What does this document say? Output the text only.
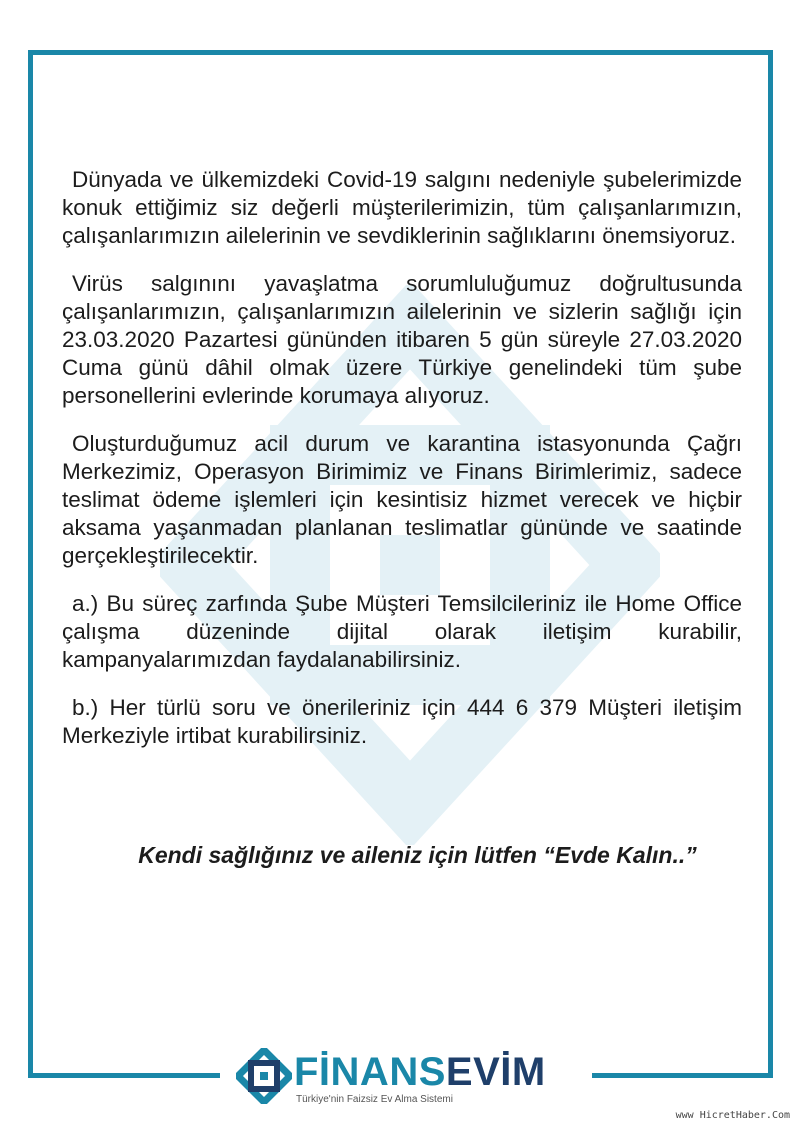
Dünyada ve ülkemizdeki Covid-19 salgını nedeniyle şubelerimizde konuk ettiğimiz siz değerli müşterilerimizin, tüm çalışanlarımızın, çalışanlarımızın ailelerinin ve sevdiklerinin sağlıklarını önemsiyoruz.

Virüs salgınını yavaşlatma sorumluluğumuz doğrultusunda çalışanlarımızın, çalışanlarımızın ailelerinin ve sizlerin sağlığı için 23.03.2020 Pazartesi gününden itibaren 5 gün süreyle 27.03.2020 Cuma günü dâhil olmak üzere Türkiye genelindeki tüm şube personellerini evlerinde korumaya alıyoruz.

Oluşturduğumuz acil durum ve karantina istasyonunda Çağrı Merkezimiz, Operasyon Birimimiz ve Finans Birimlerimiz, sadece teslimat ödeme işlemleri için kesintisiz hizmet verecek ve hiçbir aksama yaşanmadan planlanan teslimatlar gününde ve saatinde gerçekleştirilecektir.

a.) Bu süreç zarfında Şube Müşteri Temsilcileriniz ile Home Office çalışma düzeninde dijital olarak iletişim kurabilir, kampanyalarımızdan faydalanabilirsiniz.

b.) Her türlü soru ve önerileriniz için 444 6 379 Müşteri iletişim Merkeziyle irtibat kurabilirsiniz.

Kendi sağlığınız ve aileniz için lütfen “Evde Kalın..”
FİNANSEVİM
Türkiye'nin Faizsiz Ev Alma Sistemi
www HicretHaber.Com
